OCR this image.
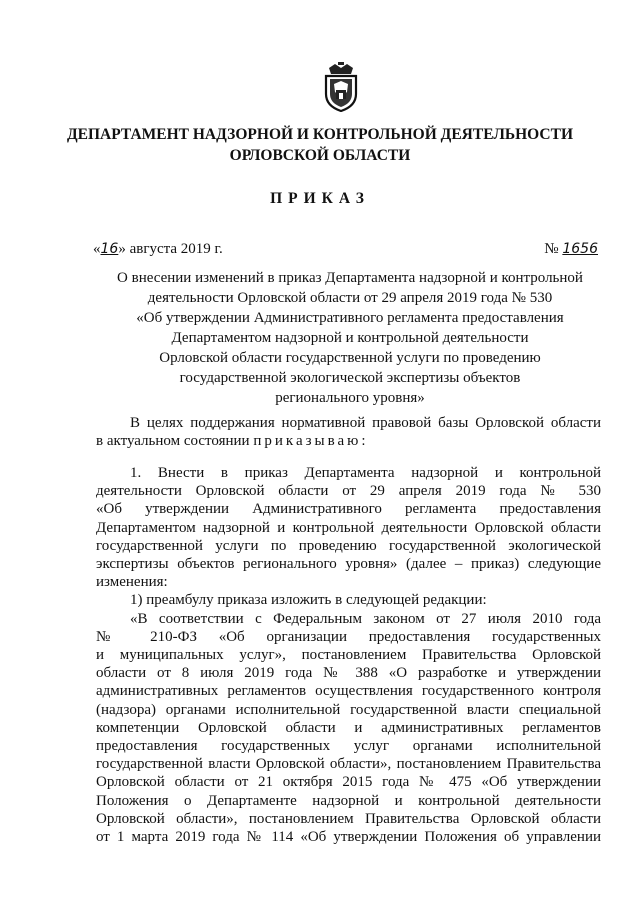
ДЕПАРТАМЕНТ НАДЗОРНОЙ И КОНТРОЛЬНОЙ ДЕЯТЕЛЬНОСТИ
ОРЛОВСКОЙ ОБЛАСТИ
ПРИКАЗ
«16» августа 2019 г.	№ 1656
О внесении изменений в приказ Департамента надзорной и контрольной
деятельности Орловской области от 29 апреля 2019 года № 530
«Об утверждении Административного регламента предоставления
Департаментом надзорной и контрольной деятельности
Орловской области государственной услуги по проведению
государственной экологической экспертизы объектов
регионального уровня»
В целях поддержания нормативной правовой базы Орловской области
в актуальном состоянии приказываю:
1. Внести в приказ Департамента надзорной и контрольной
деятельности Орловской области от 29 апреля 2019 года № 530
«Об утверждении Административного регламента предоставления
Департаментом надзорной и контрольной деятельности Орловской области
государственной услуги по проведению государственной экологической
экспертизы объектов регионального уровня» (далее – приказ) следующие
изменения:
1) преамбулу приказа изложить в следующей редакции:
«В соответствии с Федеральным законом от 27 июля 2010 года
№ 210-ФЗ «Об организации предоставления государственных
и муниципальных услуг», постановлением Правительства Орловской
области от 8 июля 2019 года № 388 «О разработке и утверждении
административных регламентов осуществления государственного контроля
(надзора) органами исполнительной государственной власти специальной
компетенции Орловской области и административных регламентов
предоставления государственных услуг органами исполнительной
государственной власти Орловской области», постановлением Правительства
Орловской области от 21 октября 2015 года № 475 «Об утверждении
Положения о Департаменте надзорной и контрольной деятельности
Орловской области», постановлением Правительства Орловской области
от 1 марта 2019 года № 114 «Об утверждении Положения об управлении
